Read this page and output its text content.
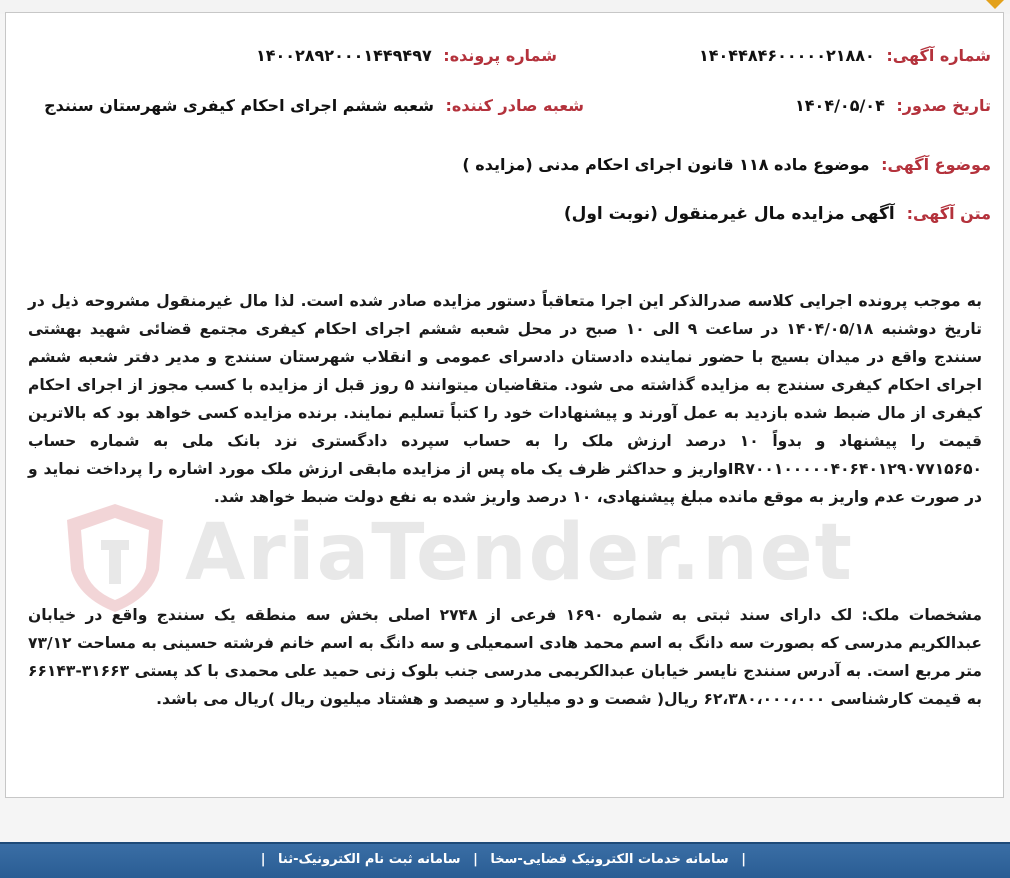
شماره آگهی: ۱۴۰۴۴۸۴۶۰۰۰۰۰۲۱۸۸۰
شماره پرونده: ۱۴۰۰۲۸۹۲۰۰۰۱۴۴۹۴۹۷
تاریخ صدور: ۱۴۰۴/۰۵/۰۴
شعبه صادر کننده: شعبه ششم اجرای احکام کیفری شهرستان سنندج
موضوع آگهی: موضوع ماده ۱۱۸ قانون اجرای احکام مدنی (مزایده )
متن آگهی: آگهی مزایده مال غیرمنقول (نوبت اول)

به موجب پرونده اجرایی کلاسه صدرالذکر این اجرا متعاقباً دستور مزایده صادر شده است. لذا مال غیرمنقول مشروحه ذیل در تاریخ دوشنبه ۱۴۰۴/۰۵/۱۸ در ساعت ۹ الی ۱۰ صبح در محل شعبه ششم اجرای احکام کیفری مجتمع قضائی شهید بهشتی سنندج واقع در میدان بسیج با حضور نماینده دادستان دادسرای عمومی و انقلاب شهرستان سنندج و مدیر دفتر شعبه ششم اجرای احکام کیفری سنندج به مزایده گذاشته می شود. متقاضیان میتوانند ۵ روز قبل از مزایده با کسب مجوز از اجرای احکام کیفری از مال ضبط شده بازدید به عمل آورند و پیشنهادات خود را کتباً تسلیم نمایند. برنده مزایده کسی خواهد بود که بالاترین قیمت را پیشنهاد و بدواً ۱۰ درصد ارزش ملک را به حساب سپرده دادگستری نزد بانک ملی به شماره حساب IR۷۰۰۱۰۰۰۰۰۴۰۶۴۰۱۲۹۰۷۷۱۵۶۵۰واریز و حداکثر ظرف یک ماه پس از مزایده مابقی ارزش ملک مورد اشاره را پرداخت نماید و در صورت عدم واریز به موقع مانده مبلغ پیشنهادی، ۱۰ درصد واریز شده به نفع دولت ضبط خواهد شد.

مشخصات ملک: لک دارای سند ثبتی به شماره ۱۶۹۰ فرعی از ۲۷۴۸ اصلی بخش سه منطقه یک سنندج واقع در خیابان عبدالکریم مدرسی که بصورت سه دانگ به اسم محمد هادی اسمعیلی و سه دانگ به اسم خانم فرشته حسینی به مساحت ۷۳/۱۲ متر مربع است. به آدرس سنندج نایسر خیابان عبدالکریمی مدرسی جنب بلوک زنی حمید علی محمدی با کد پستی ۳۱۶۶۳-۶۶۱۴۳ به قیمت کارشناسی ۶۲،۳۸۰،۰۰۰،۰۰۰ ریال( شصت و دو میلیارد و سیصد و هشتاد میلیون ریال )ریال می باشد.

AriaTender.net
| سامانه خدمات الکترونیک قضایی-سخا | سامانه ثبت نام الکترونیک-ثنا |
